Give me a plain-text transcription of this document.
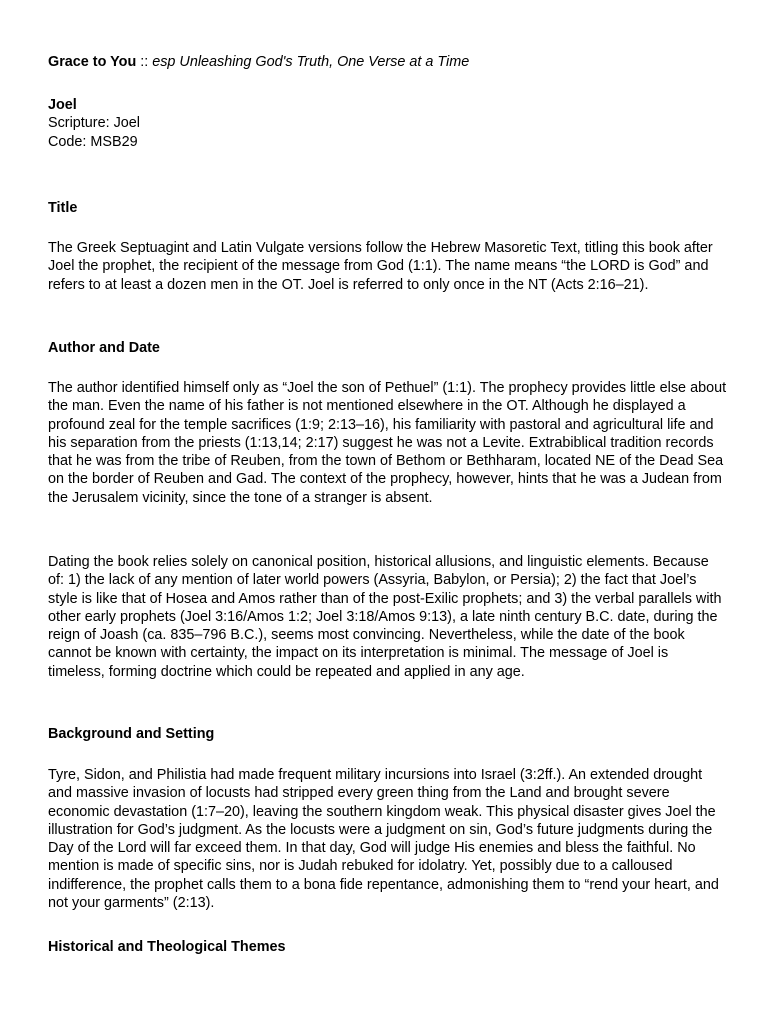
Grace to You :: esp Unleashing God's Truth, One Verse at a Time
Joel
Scripture: Joel
Code: MSB29
Title

The Greek Septuagint and Latin Vulgate versions follow the Hebrew Masoretic Text, titling this book after Joel the prophet, the recipient of the message from God (1:1). The name means “the LORD is God” and refers to at least a dozen men in the OT. Joel is referred to only once in the NT (Acts 2:16–21).

Author and Date

The author identified himself only as “Joel the son of Pethuel” (1:1). The prophecy provides little else about the man. Even the name of his father is not mentioned elsewhere in the OT. Although he displayed a profound zeal for the temple sacrifices (1:9; 2:13–16), his familiarity with pastoral and agricultural life and his separation from the priests (1:13,14; 2:17) suggest he was not a Levite. Extrabiblical tradition records that he was from the tribe of Reuben, from the town of Bethom or Bethharam, located NE of the Dead Sea on the border of Reuben and Gad. The context of the prophecy, however, hints that he was a Judean from the Jerusalem vicinity, since the tone of a stranger is absent.

Dating the book relies solely on canonical position, historical allusions, and linguistic elements. Because of: 1) the lack of any mention of later world powers (Assyria, Babylon, or Persia); 2) the fact that Joel’s style is like that of Hosea and Amos rather than of the post-Exilic prophets; and 3) the verbal parallels with other early prophets (Joel 3:16/Amos 1:2; Joel 3:18/Amos 9:13), a late ninth century B.C. date, during the reign of Joash (ca. 835–796 B.C.), seems most convincing. Nevertheless, while the date of the book cannot be known with certainty, the impact on its interpretation is minimal. The message of Joel is timeless, forming doctrine which could be repeated and applied in any age.

Background and Setting

Tyre, Sidon, and Philistia had made frequent military incursions into Israel (3:2ff.). An extended drought and massive invasion of locusts had stripped every green thing from the Land and brought severe economic devastation (1:7–20), leaving the southern kingdom weak. This physical disaster gives Joel the illustration for God’s judgment. As the locusts were a judgment on sin, God’s future judgments during the Day of the Lord will far exceed them. In that day, God will judge His enemies and bless the faithful. No mention is made of specific sins, nor is Judah rebuked for idolatry. Yet, possibly due to a calloused indifference, the prophet calls them to a bona fide repentance, admonishing them to “rend your heart, and not your garments” (2:13).

Historical and Theological Themes
